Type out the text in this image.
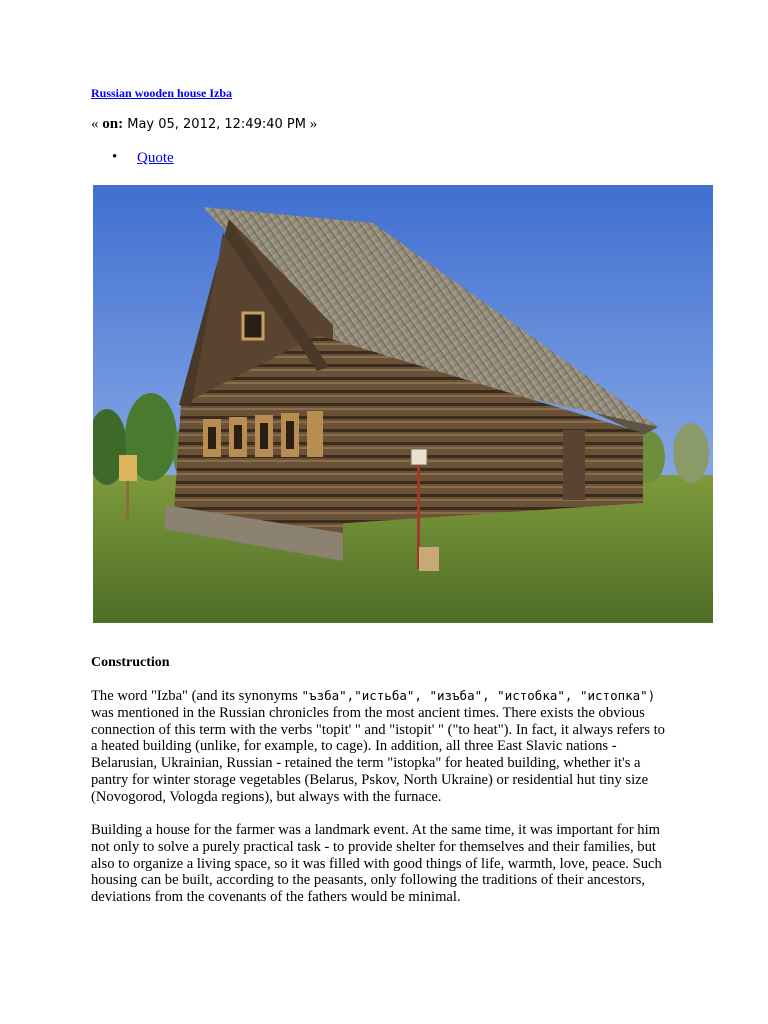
Russian wooden house Izba
« on: May 05, 2012, 12:49:40 PM »
• Quote
Construction

The word "Izba" (and its synonyms "ъзба","истьба", "изъба", "истобка", "истопка") was mentioned in the Russian chronicles from the most ancient times. There exists the obvious connection of this term with the verbs "topit' " and "istopit' " ("to heat"). In fact, it always refers to a heated building (unlike, for example, to cage). In addition, all three East Slavic nations - Belarusian, Ukrainian, Russian - retained the term "istopka" for heated building, whether it's a pantry for winter storage vegetables (Belarus, Pskov, North Ukraine) or residential hut tiny size (Novogorod, Vologda regions), but always with the furnace.

Building a house for the farmer was a landmark event. At the same time, it was important for him not only to solve a purely practical task - to provide shelter for themselves and their families, but also to organize a living space, so it was filled with good things of life, warmth, love, peace. Such housing can be built, according to the peasants, only following the traditions of their ancestors, deviations from the covenants of the fathers would be minimal.
